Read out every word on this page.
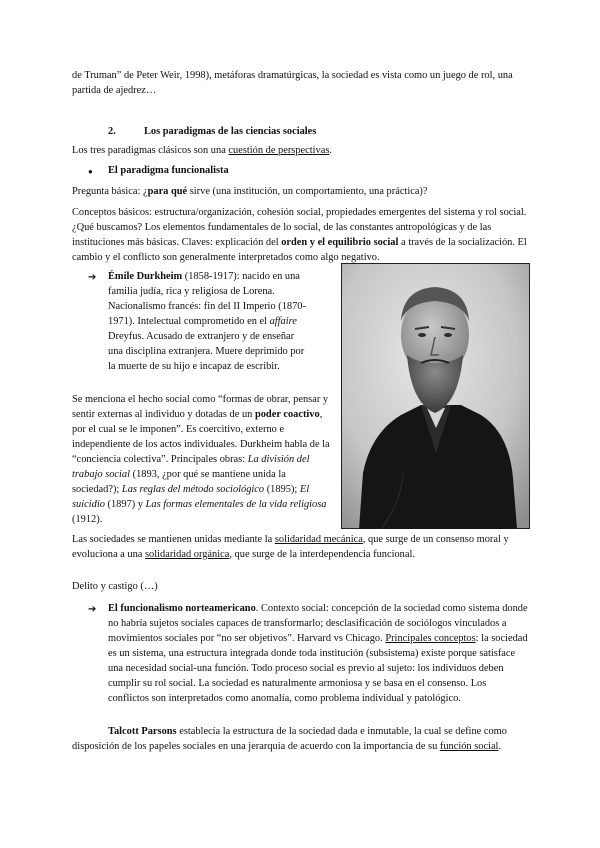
de Truman” de Peter Weir, 1998), metáforas dramatúrgicas, la sociedad es vista como un juego de rol, una partida de ajedrez…

2.	Los paradigmas de las ciencias sociales

Los tres paradigmas clásicos son una cuestión de perspectivas.

● El paradigma funcionalista

Pregunta básica: ¿para qué sirve (una institución, un comportamiento, una práctica)?

Conceptos básicos: estructura/organización, cohesión social, propiedades emergentes del sistema y rol social. ¿Qué buscamos? Los elementos fundamentales de lo social, de las constantes antropológicas y de las instituciones más básicas. Claves: explicación del orden y el equilibrio social a través de la socialización. El cambio y el conflicto son generalmente interpretados como algo negativo.

➔ Émile Durkheim (1858-1917): nacido en una familia judía, rica y religiosa de Lorena. Nacionalismo francés: fin del II Imperio (1870-1971). Intelectual comprometido en el affaire Dreyfus. Acusado de extranjero y de enseñar una disciplina extranjera. Muere deprimido por la muerte de su hijo e incapaz de escribir.

Se menciona el hecho social como “formas de obrar, pensar y sentir externas al individuo y dotadas de un poder coactivo, por el cual se le imponen”. Es coercitivo, externo e independiente de los actos individuales. Durkheim habla de la “conciencia colectiva”. Principales obras: La división del trabajo social (1893, ¿por qué se mantiene unida la sociedad?); Las reglas del método sociológico (1895); El suicidio (1897) y Las formas elementales de la vida religiosa (1912).

Las sociedades se mantienen unidas mediante la solidaridad mecánica, que surge de un consenso moral y evoluciona a una solidaridad orgánica, que surge de la interdependencia funcional.

Delito y castigo (…)

➔ El funcionalismo norteamericano. Contexto social: concepción de la sociedad como sistema donde no habría sujetos sociales capaces de transformarlo; desclasificación de sociólogos vinculados a movimientos sociales por “no ser objetivos”. Harvard vs Chicago. Principales conceptos: la sociedad es un sistema, una estructura integrada donde toda institución (subsistema) existe porque satisface una necesidad social-una función. Todo proceso social es previo al sujeto: los individuos deben cumplir su rol social. La sociedad es naturalmente armoniosa y se basa en el consenso. Los conflictos son interpretados como anomalía, como problema individual y patológico.

Talcott Parsons establecía la estructura de la sociedad dada e inmutable, la cual se define como disposición de los papeles sociales en una jerarquía de acuerdo con la importancia de su función social.
